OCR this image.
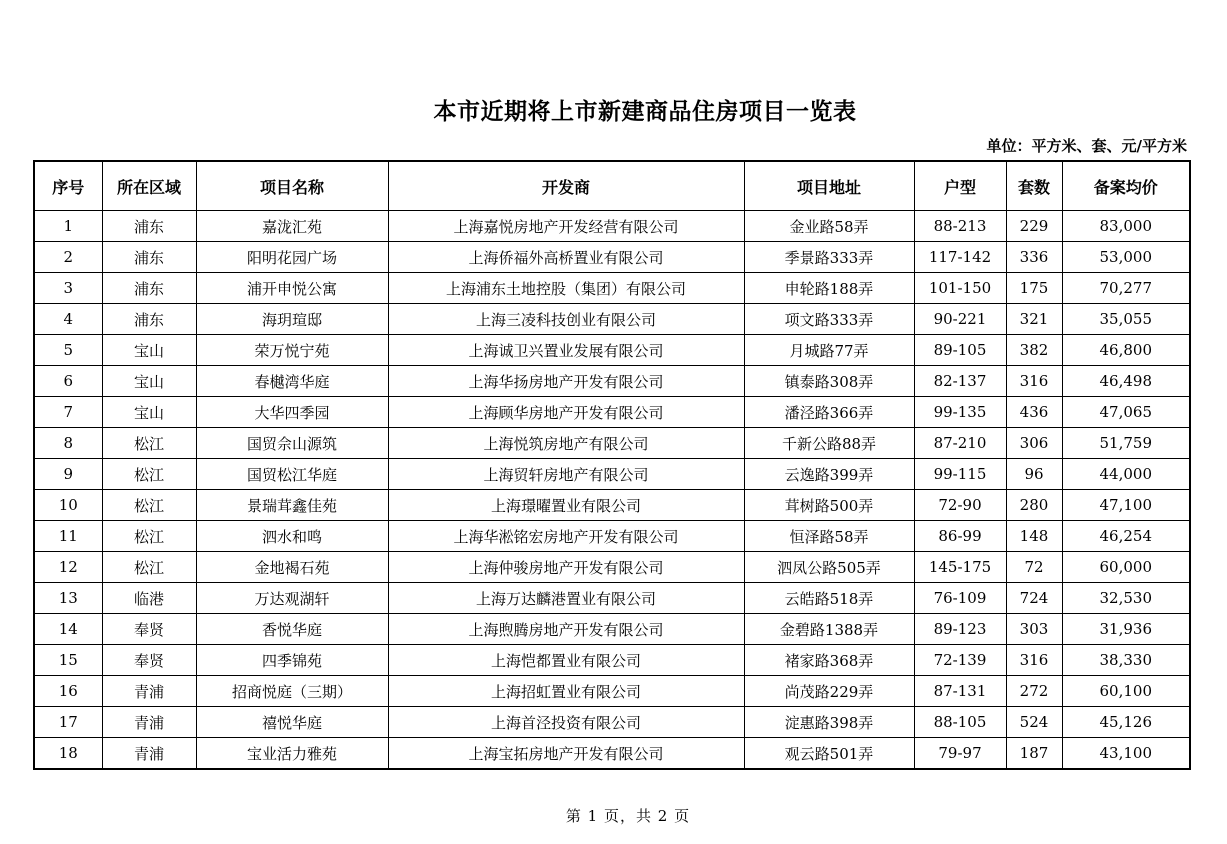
本市近期将上市新建商品住房项目一览表
单位：平方米、套、元/平方米
序号	所在区域	项目名称	开发商	项目地址	户型	套数	备案均价
1	浦东	嘉泷汇苑	上海嘉悦房地产开发经营有限公司	金业路58弄	88-213	229	83,000
2	浦东	阳明花园广场	上海侨福外高桥置业有限公司	季景路333弄	117-142	336	53,000
3	浦东	浦开申悦公寓	上海浦东土地控股（集团）有限公司	申轮路188弄	101-150	175	70,277
4	浦东	海玥瑄邸	上海三凌科技创业有限公司	项文路333弄	90-221	321	35,055
5	宝山	荣万悦宁苑	上海诚卫兴置业发展有限公司	月城路77弄	89-105	382	46,800
6	宝山	春樾湾华庭	上海华扬房地产开发有限公司	镇泰路308弄	82-137	316	46,498
7	宝山	大华四季园	上海顾华房地产开发有限公司	潘泾路366弄	99-135	436	47,065
8	松江	国贸佘山源筑	上海悦筑房地产有限公司	千新公路88弄	87-210	306	51,759
9	松江	国贸松江华庭	上海贸轩房地产有限公司	云逸路399弄	99-115	96	44,000
10	松江	景瑞茸鑫佳苑	上海璟曜置业有限公司	茸树路500弄	72-90	280	47,100
11	松江	泗水和鸣	上海华淞铭宏房地产开发有限公司	恒泽路58弄	86-99	148	46,254
12	松江	金地褐石苑	上海仲骏房地产开发有限公司	泗凤公路505弄	145-175	72	60,000
13	临港	万达观湖轩	上海万达麟港置业有限公司	云皓路518弄	76-109	724	32,530
14	奉贤	香悦华庭	上海煦腾房地产开发有限公司	金碧路1388弄	89-123	303	31,936
15	奉贤	四季锦苑	上海恺都置业有限公司	褚家路368弄	72-139	316	38,330
16	青浦	招商悦庭（三期）	上海招虹置业有限公司	尚茂路229弄	87-131	272	60,100
17	青浦	禧悦华庭	上海首泾投资有限公司	淀惠路398弄	88-105	524	45,126
18	青浦	宝业活力雅苑	上海宝拓房地产开发有限公司	观云路501弄	79-97	187	43,100
第 1 页，共 2 页
